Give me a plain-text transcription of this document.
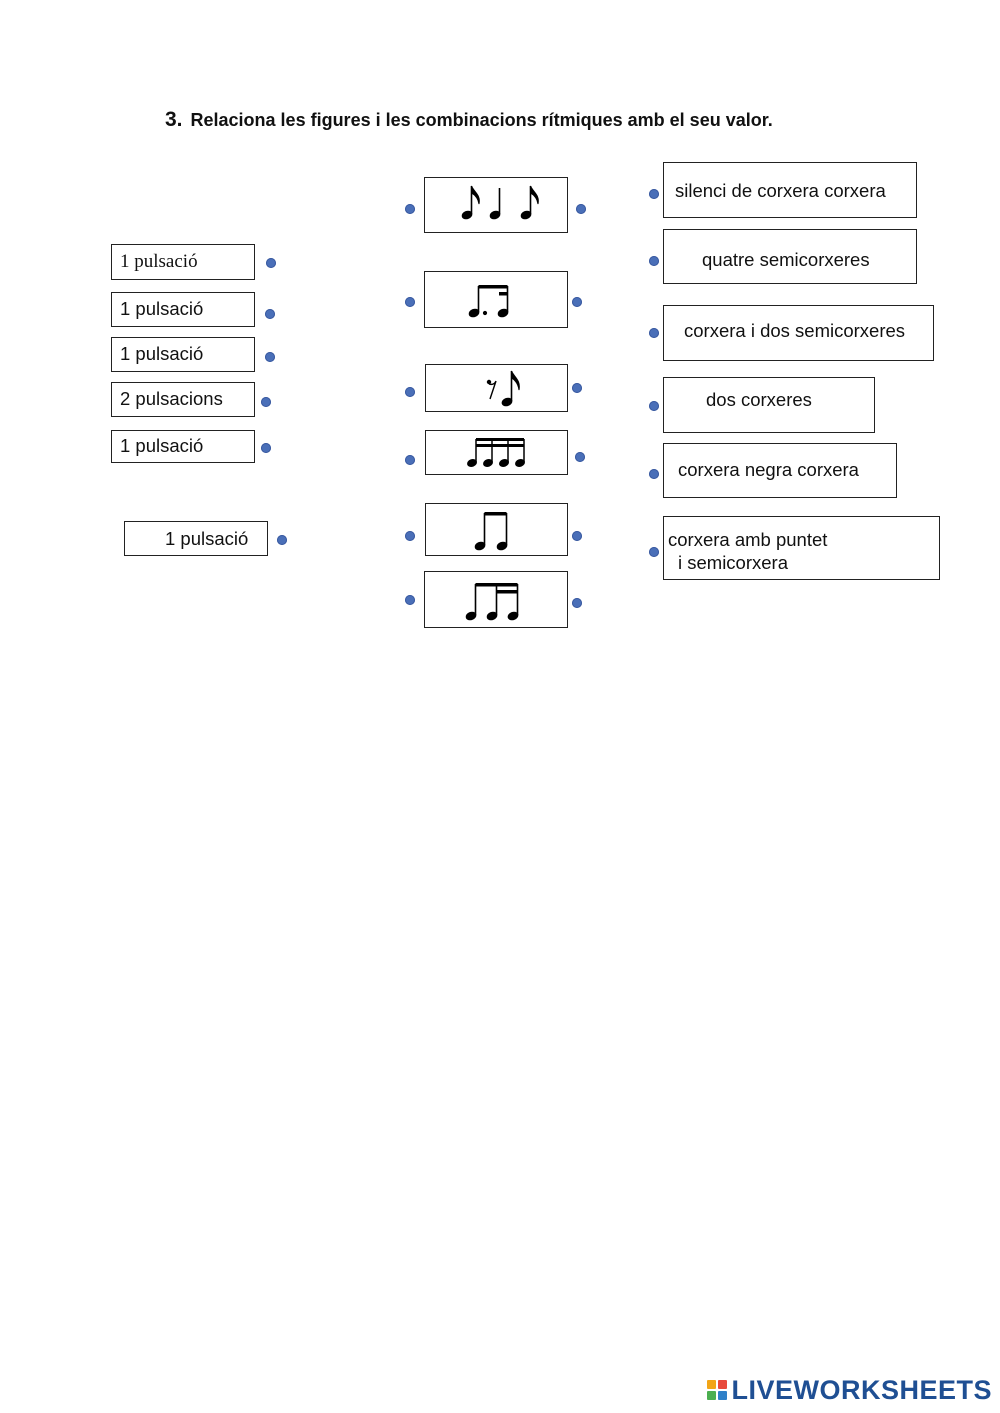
3. Relaciona les figures i les combinacions rítmiques amb el seu valor.
1 pulsació
1 pulsació
1 pulsació
2 pulsacions
1 pulsació
1 pulsació
silenci de corxera corxera
quatre semicorxeres
corxera i dos semicorxeres
dos corxeres
corxera negra corxera
corxera amb puntet
i semicorxera
LIVEWORKSHEETS
